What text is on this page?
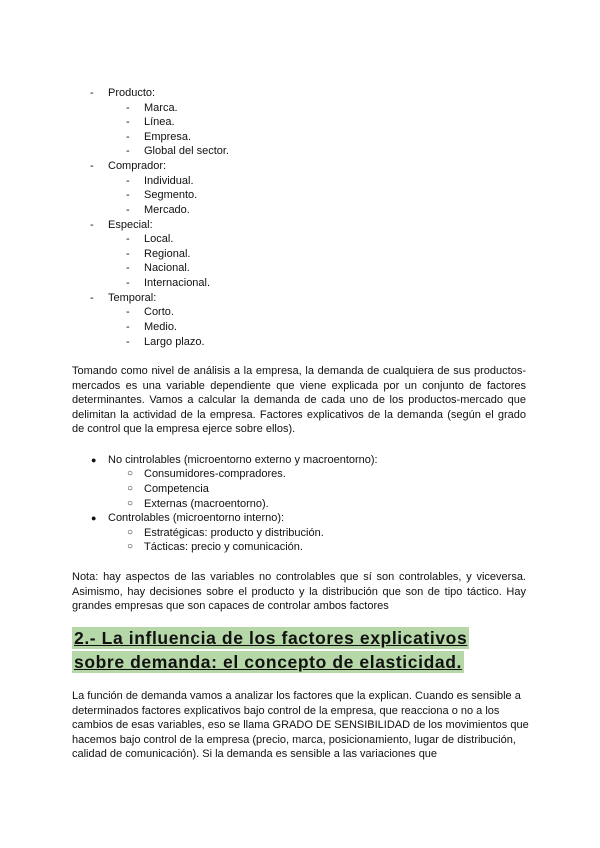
- Producto:
- Marca.
- Línea.
- Empresa.
- Global del sector.
- Comprador:
- Individual.
- Segmento.
- Mercado.
- Especial:
- Local.
- Regional.
- Nacional.
- Internacional.
- Temporal:
- Corto.
- Medio.
- Largo plazo.
Tomando como nivel de análisis a la empresa, la demanda de cualquiera de sus productos-mercados es una variable dependiente que viene explicada por un conjunto de factores determinantes. Vamos a calcular la demanda de cada uno de los productos-mercado que delimitan la actividad de la empresa. Factores explicativos de la demanda (según el grado de control que la empresa ejerce sobre ellos).
● No cintrolables (microentorno externo y macroentorno):
○ Consumidores-compradores.
○ Competencia
○ Externas (macroentorno).
● Controlables (microentorno interno):
○ Estratégicas: producto y distribución.
○ Tácticas: precio y comunicación.
Nota: hay aspectos de las variables no controlables que sí son controlables, y viceversa. Asimismo, hay decisiones sobre el producto y la distribución que son de tipo táctico. Hay grandes empresas que son capaces de controlar ambos factores
2.- La influencia de los factores explicativos sobre demanda: el concepto de elasticidad.
La función de demanda vamos a analizar los factores que la explican. Cuando es sensible a determinados factores explicativos bajo control de la empresa, que reacciona o no a los cambios de esas variables, eso se llama GRADO DE SENSIBILIDAD de los movimientos que hacemos bajo control de la empresa (precio, marca, posicionamiento, lugar de distribución, calidad de comunicación). Si la demanda es sensible a las variaciones que
